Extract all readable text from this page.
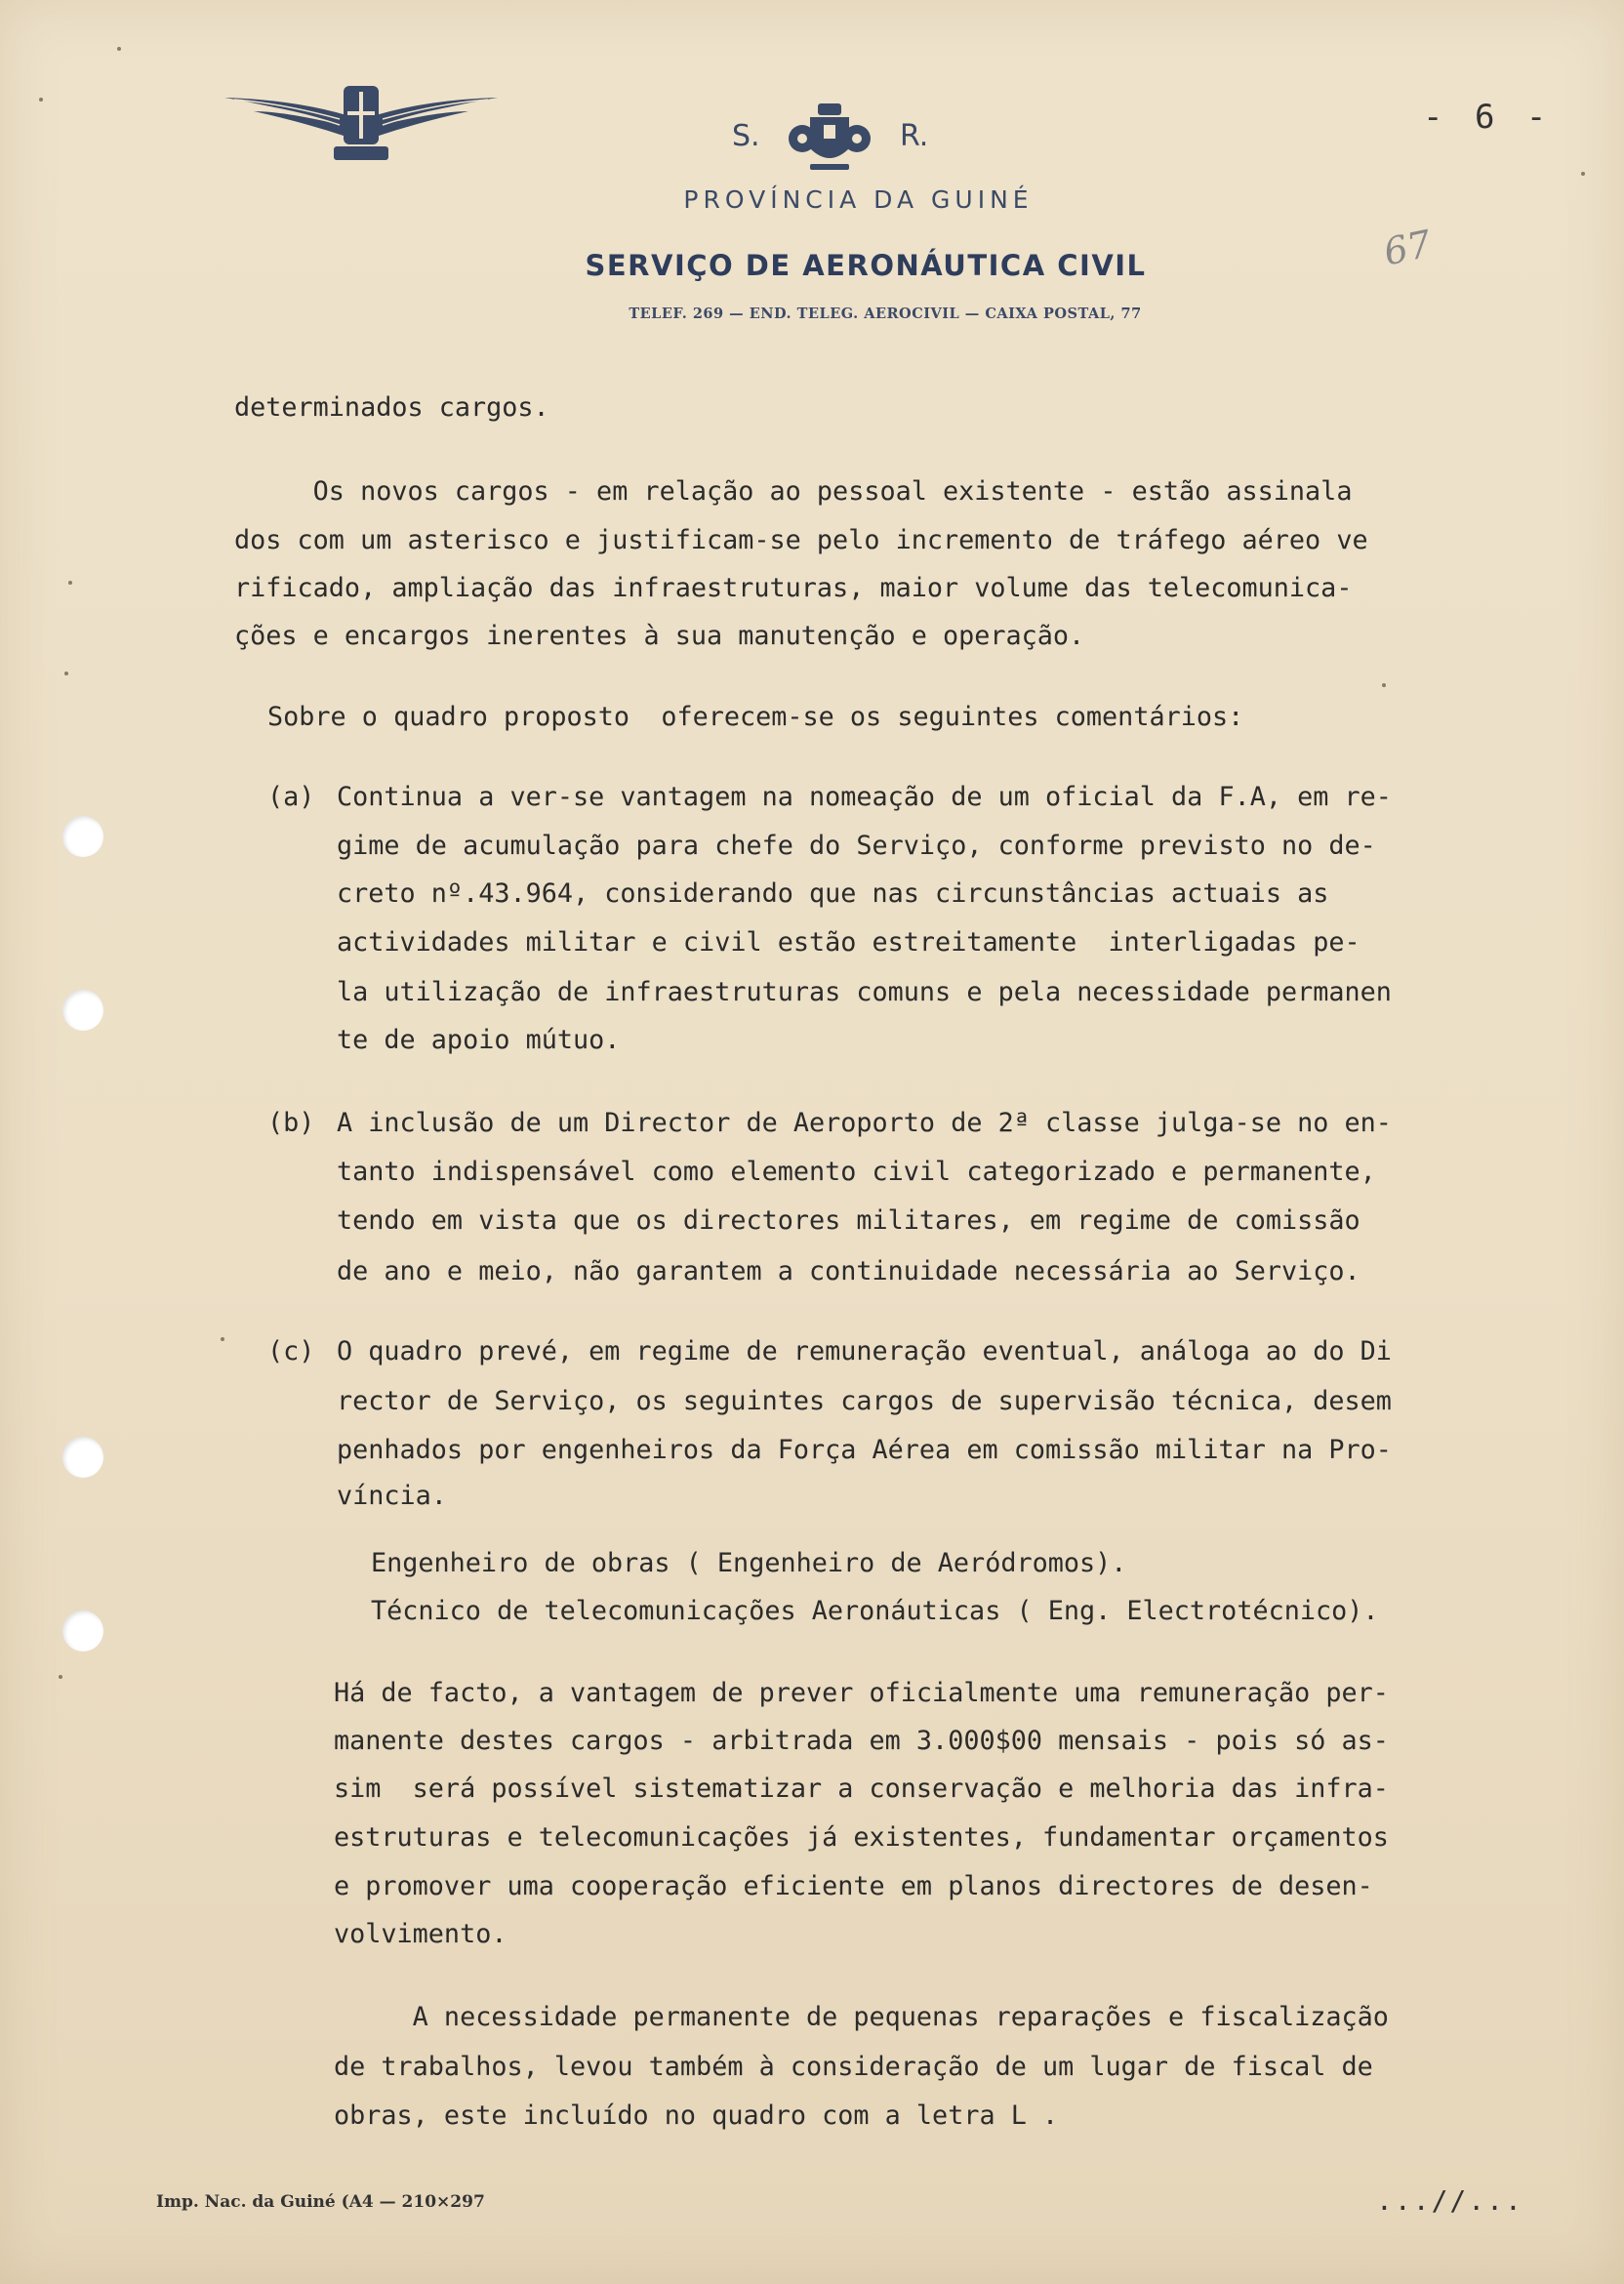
S.	R.	- 6 -
67
PROVÍNCIA DA GUINÉ
SERVIÇO DE AERONÁUTICA CIVIL
TELEF. 269 — END. TELEG. AEROCIVIL — CAIXA POSTAL, 77
determinados cargos.
Os novos cargos - em relação ao pessoal existente - estão assinala
dos com um asterisco e justificam-se pelo incremento de tráfego aéreo ve
rificado, ampliação das infraestruturas, maior volume das telecomunica-
ções e encargos inerentes à sua manutenção e operação.
Sobre o quadro proposto  oferecem-se os seguintes comentários:
(a) Continua a ver-se vantagem na nomeação de um oficial da F.A, em re-
gime de acumulação para chefe do Serviço, conforme previsto no de-
creto nº.43.964, considerando que nas circunstâncias actuais as
actividades militar e civil estão estreitamente  interligadas pe-
la utilização de infraestruturas comuns e pela necessidade permanen
te de apoio mútuo.
(b) A inclusão de um Director de Aeroporto de 2ª classe julga-se no en-
tanto indispensável como elemento civil categorizado e permanente,
tendo em vista que os directores militares, em regime de comissão
de ano e meio, não garantem a continuidade necessária ao Serviço.
(c) O quadro prevé, em regime de remuneração eventual, análoga ao do Di
rector de Serviço, os seguintes cargos de supervisão técnica, desem
penhados por engenheiros da Força Aérea em comissão militar na Pro-
víncia.
Engenheiro de obras ( Engenheiro de Aeródromos).
Técnico de telecomunicações Aeronáuticas ( Eng. Electrotécnico).
Há de facto, a vantagem de prever oficialmente uma remuneração per-
manente destes cargos - arbitrada em 3.000$00 mensais - pois só as-
sim  será possível sistematizar a conservação e melhoria das infra-
estruturas e telecomunicações já existentes, fundamentar orçamentos
e promover uma cooperação eficiente em planos directores de desen-
volvimento.
A necessidade permanente de pequenas reparações e fiscalização
de trabalhos, levou também à consideração de um lugar de fiscal de
obras, este incluído no quadro com a letra L .
Imp. Nac. da Guiné (A4 — 210×297	...//...
